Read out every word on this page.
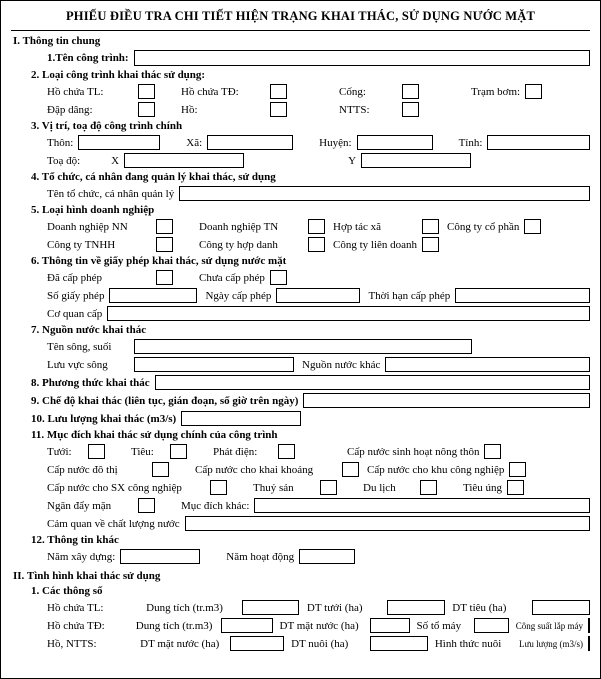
PHIẾU ĐIỀU TRA CHI TIẾT HIỆN TRẠNG KHAI THÁC, SỬ DỤNG NƯỚC MẶT
I. Thông tin chung
1.Tên công trình:
2. Loại công trình khai thác sử dụng:
Hồ chứa TL:	Hồ chứa TĐ:	Cống:	Trạm bơm:
Đập dâng:	Hồ:	NTTS:
3. Vị trí, toạ độ công trình chính
Thôn:	Xã:	Huyện:	Tỉnh:
Toạ độ:	X	Y
4. Tổ chức, cá nhân đang quản lý khai thác, sử dụng
Tên tổ chức, cá nhân quản lý
5. Loại hình doanh nghiệp
Doanh nghiệp NN	Doanh nghiệp TN	Hợp tác xã	Công ty cổ phần
Công ty TNHH	Công ty hợp danh	Công ty liên doanh
6. Thông tin về giấy phép khai thác, sử dụng nước mặt
Đã cấp phép	Chưa cấp phép
Số giấy phép	Ngày cấp phép	Thời hạn cấp phép
Cơ quan cấp
7. Nguồn nước khai thác
Tên sông, suối
Lưu vực sông	Nguồn nước khác
8. Phương thức khai thác
9. Chế độ khai thác (liên tục, gián đoạn, số giờ trên ngày)
10. Lưu lượng khai thác (m3/s)
11. Mục đích khai thác sử dụng chính của công trình
Tưới:	Tiêu:	Phát điện:	Cấp nước sinh hoạt nông thôn
Cấp nước đô thị	Cấp nước cho khai khoáng	Cấp nước cho khu công nghiệp
Cấp nước cho SX công nghiệp	Thuỷ sản	Du lịch	Tiêu úng
Ngăn đẩy mặn	Mục đích khác:
Cảm quan về chất lượng nước
12. Thông tin khác
Năm xây dựng:	Năm hoạt động
II. Tình hình khai thác sử dụng
1. Các thông số
Hồ chứa TL:	Dung tích (tr.m3)	DT tưới (ha)	DT tiêu (ha)
Hồ chứa TĐ:	Dung tích (tr.m3)	DT mặt nước (ha)	Số tổ máy	Công suất lắp máy
Hồ, NTTS:	DT mặt nước (ha)	DT nuôi (ha)	Hình thức nuôi	Lưu lượng (m3/s)
